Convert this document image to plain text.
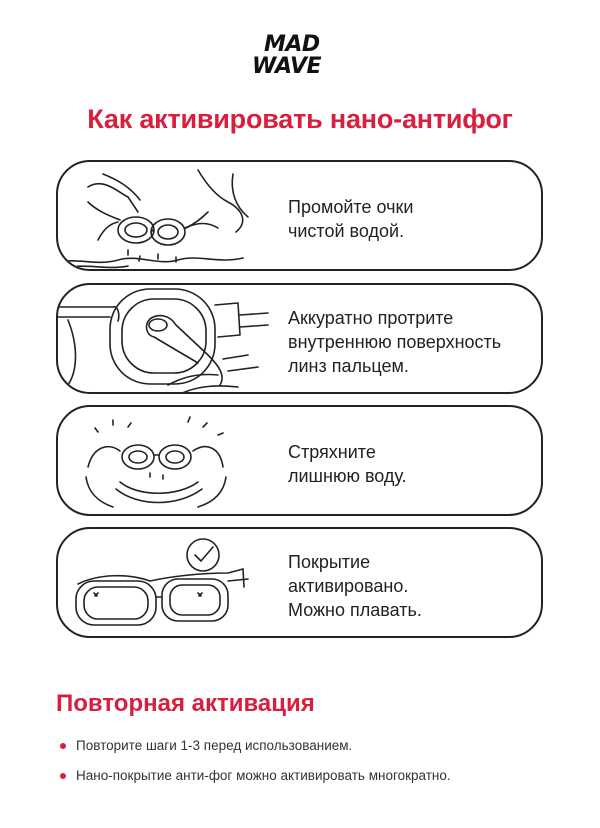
MAD
WAVE
Как активировать нано-антифог
Промойте очки
чистой водой.
Аккуратно протрите
внутреннюю поверхность
линз пальцем.
Стряхните
лишнюю воду.
Покрытие
активировано.
Можно плавать.
Повторная активация
Повторите шаги 1-3 перед использованием.
Нано-покрытие анти-фог можно активировать многократно.
